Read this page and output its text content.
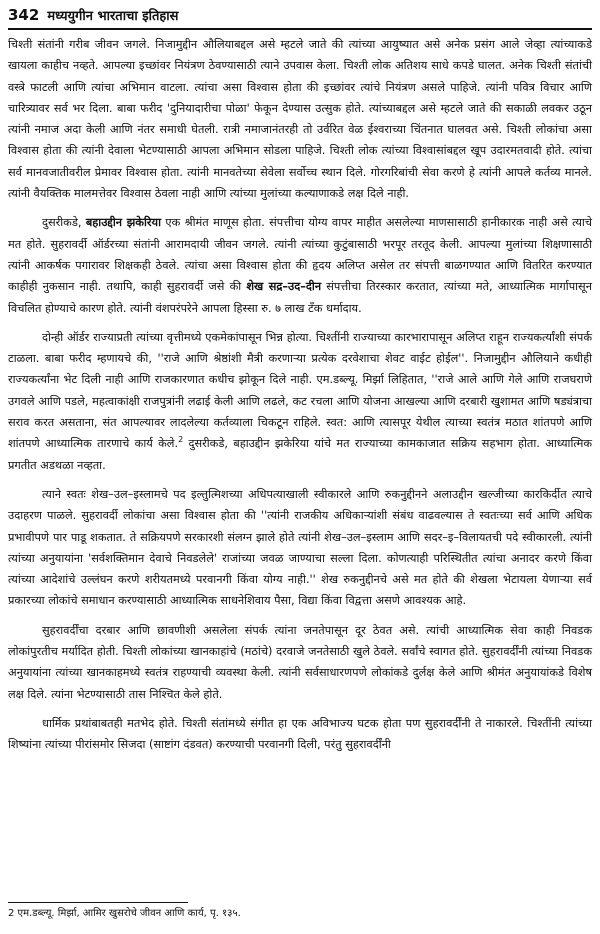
342 मध्ययुगीन भारताचा इतिहास

चिश्ती संतांनी गरीब जीवन जगले. निजामुद्दीन औलियाबद्दल असे म्हटले जाते की त्यांच्या आयुष्यात असे अनेक प्रसंग आले जेव्हा त्यांच्याकडे खायला काहीच नव्हते. आपल्या इच्छांवर नियंत्रण ठेवण्यासाठी त्याने उपवास केला. चिश्ती लोक अतिशय साधे कपडे घालत. अनेक चिश्ती संतांची वस्त्रे फाटली आणि त्यांचा अभिमान वाटला. त्यांचा असा विश्वास होता की इच्छांवर त्यांचे नियंत्रण असले पाहिजे. त्यांनी पवित्र विचार आणि चारित्र्यावर सर्व भर दिला. बाबा फरीद 'दुनियादारीचा पोळा' फेकून देण्यास उत्सुक होते. त्यांच्याबद्दल असे म्हटले जाते की सकाळी लवकर उठून त्यांनी नमाज अदा केली आणि नंतर समाधी घेतली. रात्री नमाजानंतरही तो उर्वरित वेळ ईश्वराच्या चिंतनात घालवत असे. चिश्ती लोकांचा असा विश्वास होता की त्यांनी देवाला भेटण्यासाठी आपला अभिमान सोडला पाहिजे. चिश्ती लोक त्यांच्या विश्वासांबद्दल खूप उदारमतवादी होते. त्यांचा सर्व मानवजातीवरील प्रेमावर विश्वास होता. त्यांनी मानवतेच्या सेवेला सर्वोच्च स्थान दिले. गोरगरिबांची सेवा करणे हे त्यांनी आपले कर्तव्य मानले. त्यांनी वैयक्तिक मालमत्तेवर विश्वास ठेवला नाही आणि त्यांच्या मुलांच्या कल्याणाकडे लक्ष दिले नाही.

दुसरीकडे, बहाउद्दीन झकेरिया एक श्रीमंत माणूस होता. संपत्तीचा योग्य वापर माहीत असलेल्या माणसासाठी हानीकारक नाही असे त्याचे मत होते. सुहरावर्दी ऑर्डरच्या संतांनी आरामदायी जीवन जगले. त्यांनी त्यांच्या कुटुंबासाठी भरपूर तरतूद केली. आपल्या मुलांच्या शिक्षणासाठी त्यांनी आकर्षक पगारावर शिक्षकही ठेवले. त्यांचा असा विश्वास होता की हृदय अलिप्त असेल तर संपत्ती बाळगण्यात आणि वितरित करण्यात काहीही नुकसान नाही. तथापि, काही सुहरावर्दी जसे की शेख सद्र–उद–दीन संपत्तीचा तिरस्कार करतात, त्यांच्या मते, आध्यात्मिक मार्गापासून विचलित होण्याचे कारण होते. त्यांनी वंशपरंपरेने आपला हिस्सा रु. ७ लाख टँक धर्मादाय.

दोन्ही ऑर्डर राज्याप्रती त्यांच्या वृत्तीमध्ये एकमेकांपासून भिन्न होत्या. चिश्तींनी राज्याच्या कारभारापासून अलिप्त राहून राज्यकर्त्यांशी संपर्क टाळला. बाबा फरीद म्हणायचे की, ''राजे आणि श्रेष्ठांशी मैत्री करणाऱ्या प्रत्येक दरवेशाचा शेवट वाईट होईल''. निजामुद्दीन औलियाने कधीही राज्यकर्त्यांना भेट दिली नाही आणि राजकारणात कधीच झोकून दिले नाही. एम.डब्ल्यू. मिर्झा लिहितात, ''राजे आले आणि गेले आणि राजघराणे उगवले आणि पडले, महत्वाकांक्षी राजपुत्रांनी लढाई केली आणि लढले, कट रचला आणि योजना आखल्या आणि दरबारी खुशामत आणि षड्यंत्राचा सराव करत असताना, संत आपल्यावर लादलेल्या कर्तव्याला चिकटून राहिले. स्वत: आणि त्यासपूर येथील त्याच्या स्वतंत्र मठात शांतपणे आणि शांतपणे आध्यात्मिक तारणाचे कार्य केले.$^2$ दुसरीकडे, बहाउद्दीन झकेरिया यांचे मत राज्याच्या कामकाजात सक्रिय सहभाग होता. आध्यात्मिक प्रगतीत अडथळा नव्हता.

त्याने स्वतः शेख–उल–इस्लामचे पद इल्तुत्मिशच्या अधिपत्याखाली स्वीकारले आणि रुकनुद्दीनने अलाउद्दीन खल्जीच्या कारकिर्दीत त्याचे उदाहरण पाळले. सुहरावर्दी लोकांचा असा विश्वास होता की ''त्यांनी राजकीय अधिकार्‍यांशी संबंध वाढवल्यास ते स्वतःच्या सर्व आणि अधिक प्रभावीपणे पार पाडू शकतात. ते सक्रियपणे सरकारशी संलग्न झाले होते त्यांनी शेख–उल–इस्लाम आणि सदर–इ–विलायतची पदे स्वीकारली. त्यांनी त्यांच्या अनुयायांना 'सर्वशक्तिमान देवाचे निवडलेले' राजांच्या जवळ जाण्याचा सल्ला दिला. कोणत्याही परिस्थितीत त्यांचा अनादर करणे किंवा त्यांच्या आदेशांचे उल्लंघन करणे शरीयतमध्ये परवानगी किंवा योग्य नाही.'' शेख रुकनुद्दीनचे असे मत होते की शेखला भेटायला येणाऱ्या सर्व प्रकारच्या लोकांचे समाधान करण्यासाठी आध्यात्मिक साधनेशिवाय पैसा, विद्या किंवा विद्वत्ता असणे आवश्यक आहे.

सुहरावर्दींचा दरबार आणि छावणीशी असलेला संपर्क त्यांना जनतेपासून दूर ठेवत असे. त्यांची आध्यात्मिक सेवा काही निवडक लोकांपुरतीच मर्यादित होती. चिश्ती लोकांच्या खानकाहांचे (मठांचे) दरवाजे जनतेसाठी खुले ठेवले. सर्वांचे स्वागत होते. सुहरावर्दींनी त्यांच्या निवडक अनुयायांना त्यांच्या खानकाहमध्ये स्वतंत्र राहण्याची व्यवस्था केली. त्यांनी सर्वसाधारणपणे लोकांकडे दुर्लक्ष केले आणि श्रीमंत अनुयायांकडे विशेष लक्ष दिले. त्यांना भेटण्यासाठी तास निश्चित केले होते.

धार्मिक प्रथांबाबतही मतभेद होते. चिश्ती संतांमध्ये संगीत हा एक अविभाज्य घटक होता पण सुहरावर्दींनी ते नाकारले. चिश्तींनी त्यांच्या शिष्यांना त्यांच्या पीरांसमोर सिजदा (साष्टांग दंडवत) करण्याची परवानगी दिली, परंतु सुहरावर्दींनी

2 एम.डब्ल्यू. मिर्झा, आमिर खुसरोचे जीवन आणि कार्य, पृ. १३५.
